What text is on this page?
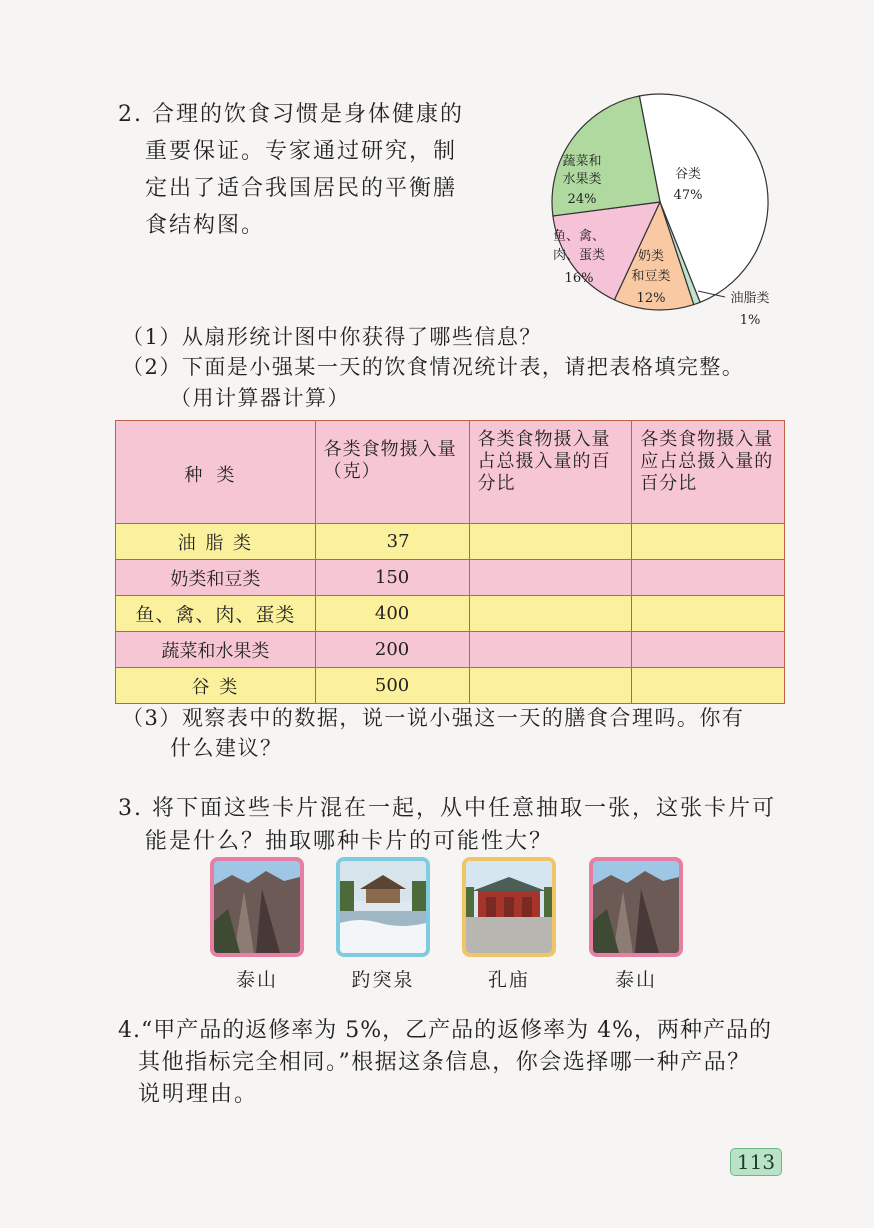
2. 合理的饮食习惯是身体健康的
重要保证。专家通过研究，制
定出了适合我国居民的平衡膳
食结构图。
谷类
47%
蔬菜和
水果类
24%
鱼、禽、
肉、蛋类
16%
奶类
和豆类
12%	油脂类
1%
（1）从扇形统计图中你获得了哪些信息？
（2）下面是小强某一天的饮食情况统计表，请把表格填完整。
（用计算器计算）
种类	各类食物摄入量（克）	各类食物摄入量占总摄入量的百分比	各类食物摄入量应占总摄入量的百分比
油 脂 类	37		
奶类和豆类	150		
鱼、禽、肉、蛋类	400		
蔬菜和水果类	200		
谷 类	500		
（3）观察表中的数据，说一说小强这一天的膳食合理吗。你有
什么建议？
3. 将下面这些卡片混在一起，从中任意抽取一张，这张卡片可
能是什么？抽取哪种卡片的可能性大？
泰山	趵突泉	孔庙	泰山
4.“甲产品的返修率为 5%，乙产品的返修率为 4%，两种产品的
其他指标完全相同。”根据这条信息，你会选择哪一种产品？
说明理由。
113
